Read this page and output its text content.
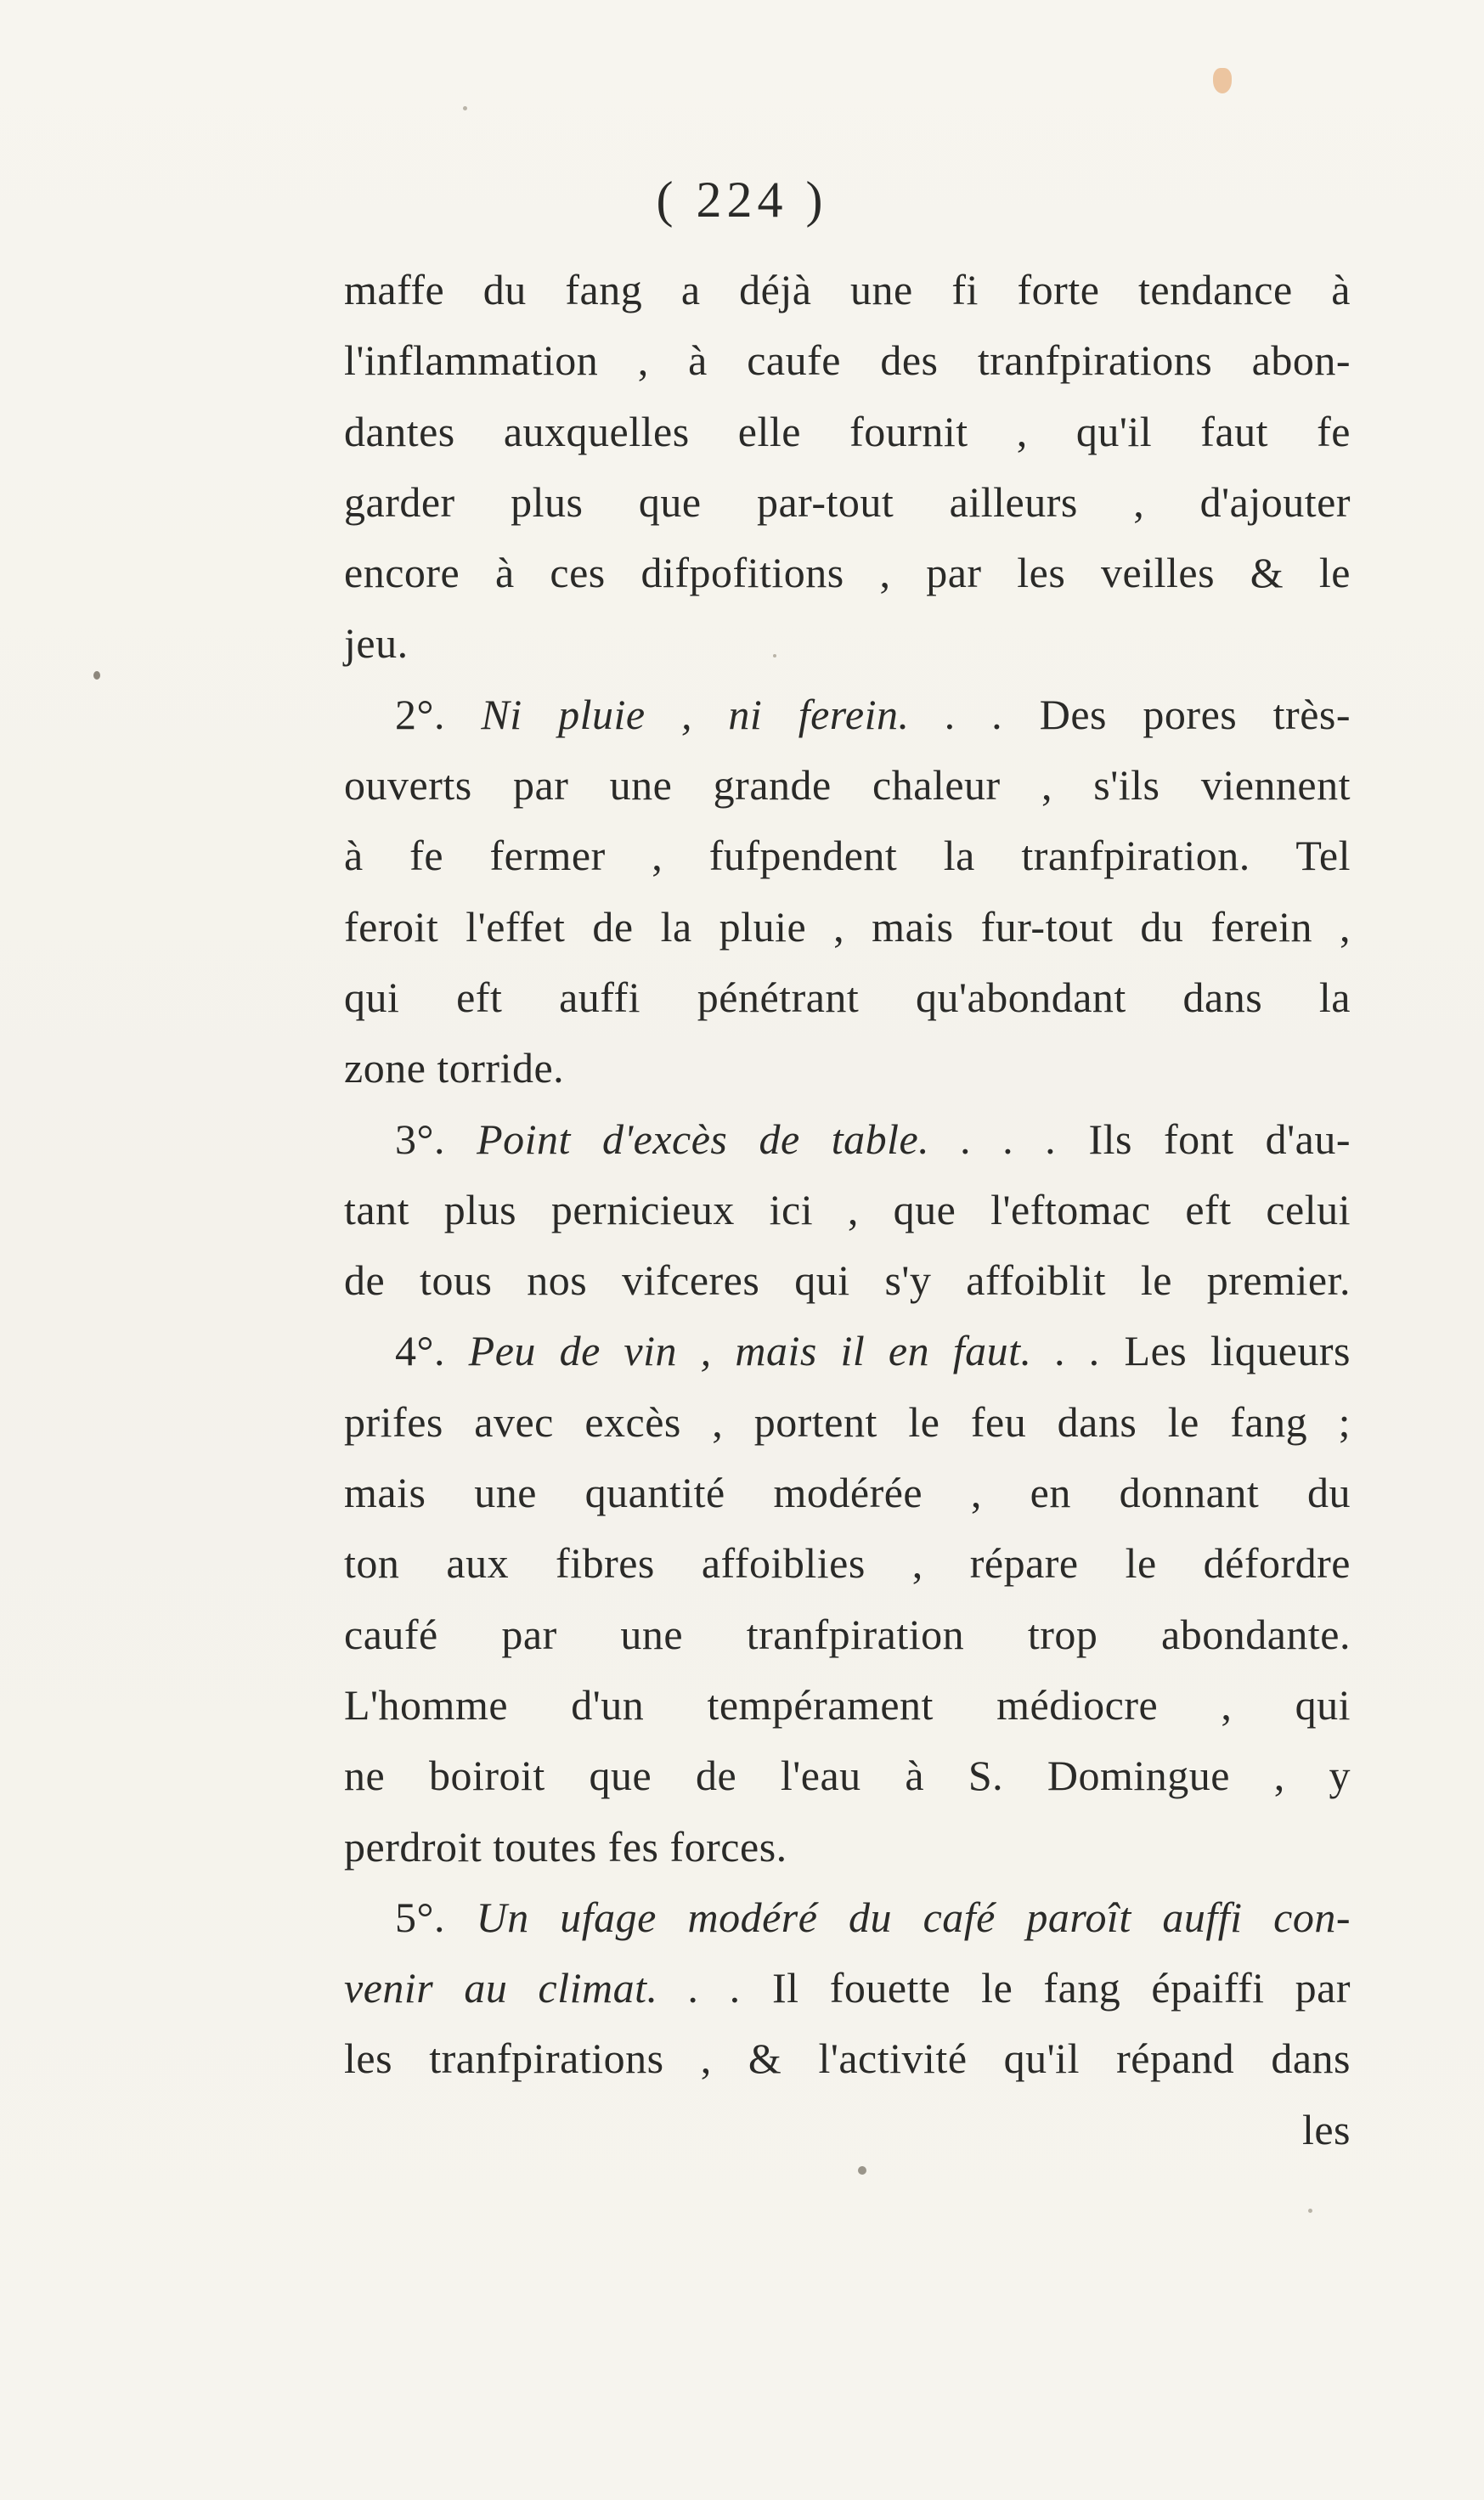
( 224 )
maffe du fang a déjà une fi forte tendance à
l'inflammation , à caufe des tranfpirations abon-
dantes auxquelles elle fournit , qu'il faut fe
garder plus que par-tout ailleurs , d'ajouter
encore à ces difpofitions , par les veilles & le
jeu.
2°. Ni pluie , ni ferein. . . Des pores très-
ouverts par une grande chaleur , s'ils viennent
à fe fermer , fufpendent la tranfpiration. Tel
feroit l'effet de la pluie , mais fur-tout du ferein ,
qui eft auffi pénétrant qu'abondant dans la
zone torride.
3°. Point d'excès de table. . . . Ils font d'au-
tant plus pernicieux ici , que l'eftomac eft celui
de tous nos vifceres qui s'y affoiblit le premier.
4°. Peu de vin , mais il en faut. . . Les liqueurs
prifes avec excès , portent le feu dans le fang ;
mais une quantité modérée , en donnant du
ton aux fibres affoiblies , répare le défordre
caufé par une tranfpiration trop abondante.
L'homme d'un tempérament médiocre , qui
ne boiroit que de l'eau à S. Domingue , y
perdroit toutes fes forces.
5°. Un ufage modéré du café paroît auffi con-
venir au climat. . . Il fouette le fang épaiffi par
les tranfpirations , & l'activité qu'il répand dans
les
